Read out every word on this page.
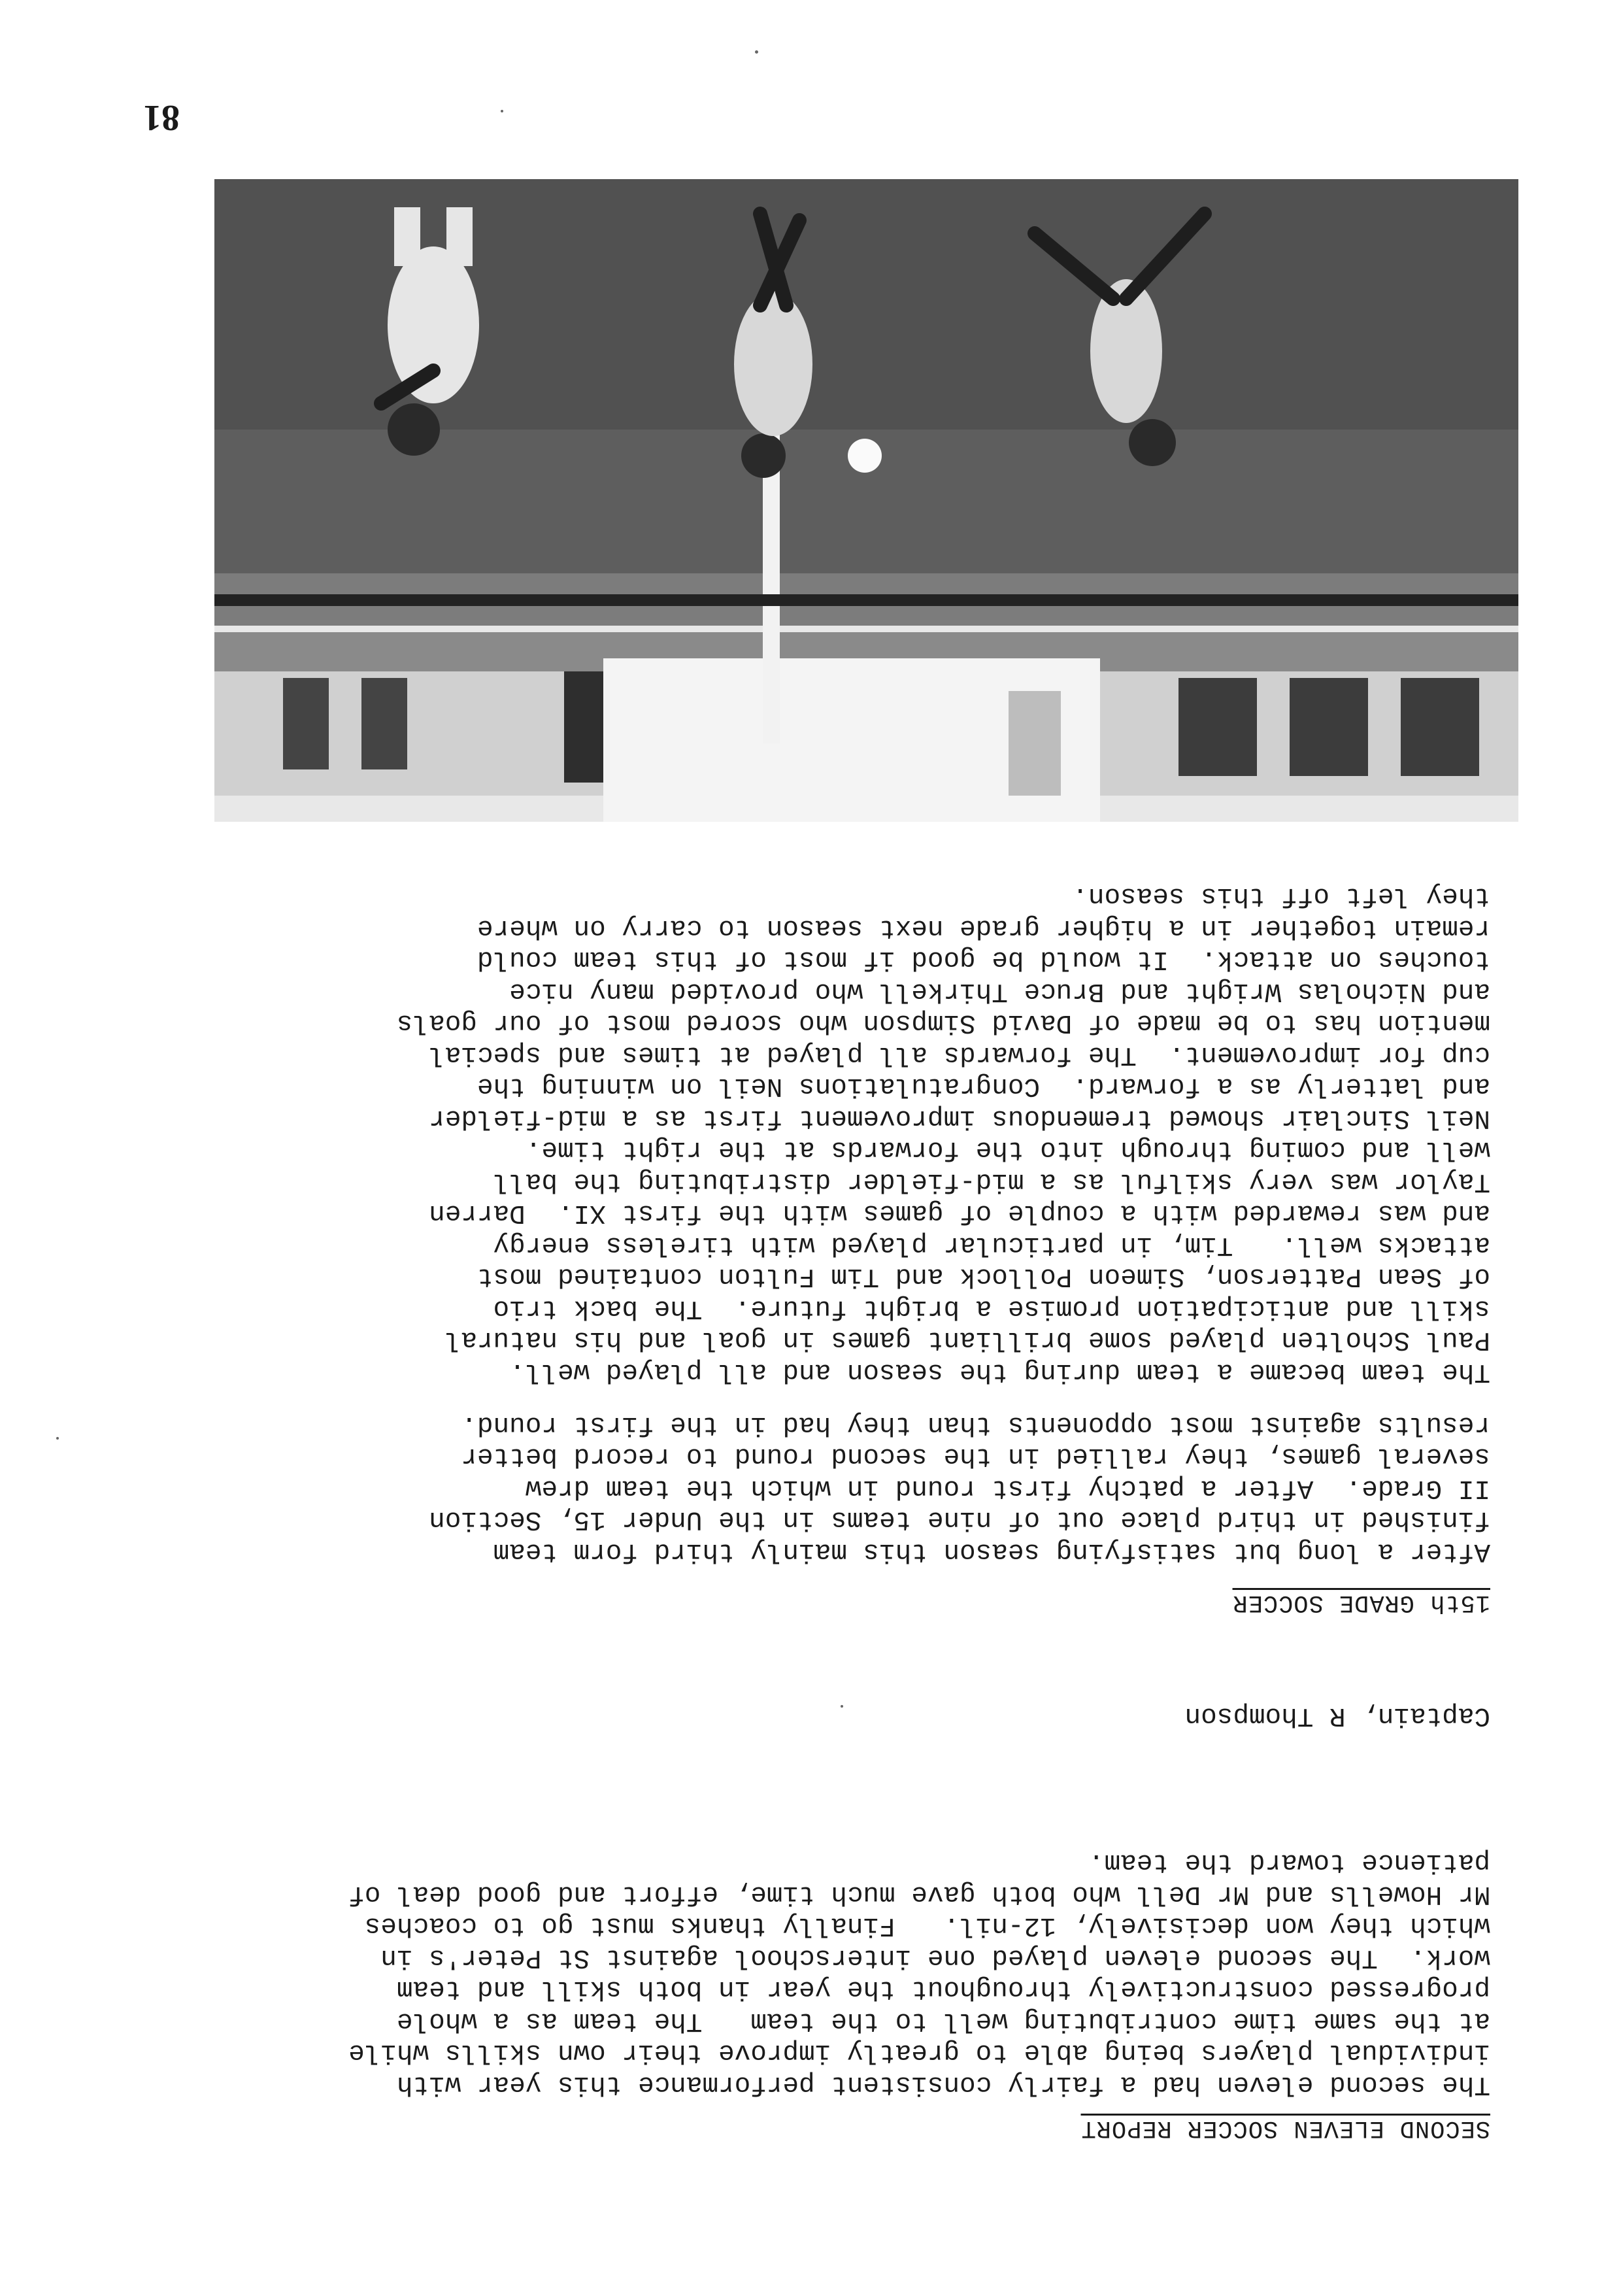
SECOND ELEVEN SOCCER REPORT
The second eleven had a fairly consistent performance this year with
individual players being able to greatly improve their own skills while
at the same time contributing well to the team   The team as a whole
progressed constructively throughout the year in both skill and team
work.  The second eleven played one interschool against St Peter's in
which they won decisively, 12-nil.   Finally thanks must go to coaches
Mr Howells and Mr Dell who both gave much time, effort and good deal of
patience toward the team.
Captain, R Thompson
15th GRADE SOCCER
After a long but satisfying season this mainly third form team
finished in third place out of nine teams in the Under 15, Section
II Grade.  After a patchy first round in which the team drew
several games, they rallied in the second round to record better
results against most opponents than they had in the first round.
The team became a team during the season and all played well.
Paul Scholten played some brilliant games in goal and his natural
skill and anticipation promise a bright future.  The back trio
of Sean Patterson, Simeon Pollock and Tim Fulton contained most
attacks well.   Tim, in particular played with tireless energy
and was rewarded with a couple of games with the first XI.  Darren
Taylor was very skilful as a mid-fielder distributing the ball
well and coming through into the forwards at the right time.
Neil Sinclair showed tremendous improvement first as a mid-fielder
and latterly as a forward.  Congratulations Neil on winning the
cup for improvement.  The forwards all played at times and special
mention has to be made of David Simpson who scored most of our goals
and Nicholas Wright and Bruce Thirkell who provided many nice
touches on attack.  It would be good if most of this team could
remain together in a higher grade next season to carry on where
they left off this season.
81
